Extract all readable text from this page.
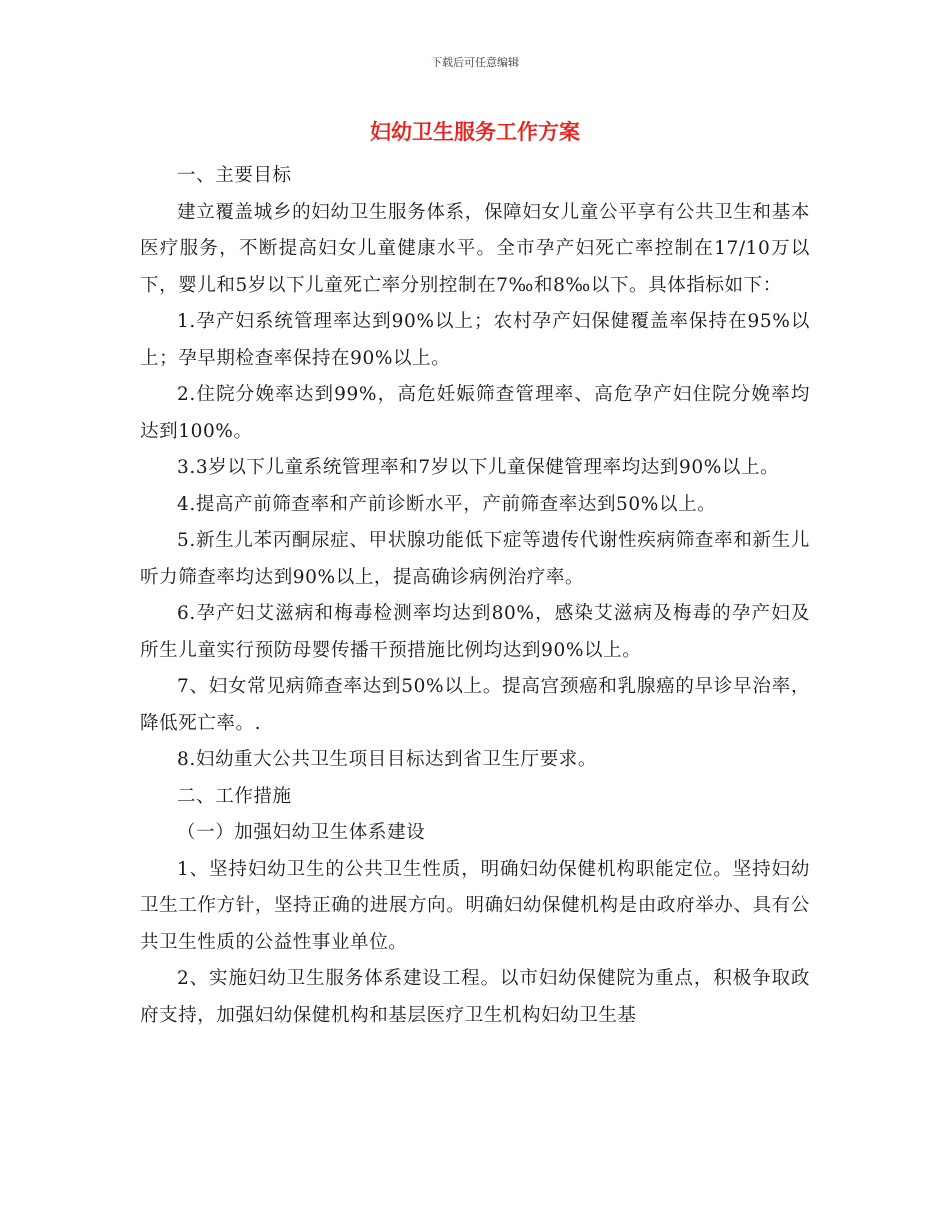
下载后可任意编辑
妇幼卫生服务工作方案

一、主要目标

建立覆盖城乡的妇幼卫生服务体系，保障妇女儿童公平享有公共卫生和基本医疗服务，不断提高妇女儿童健康水平。全市孕产妇死亡率控制在17/10万以下，婴儿和5岁以下儿童死亡率分别控制在7‰和8‰以下。具体指标如下：

1.孕产妇系统管理率达到90%以上；农村孕产妇保健覆盖率保持在95%以上；孕早期检查率保持在90%以上。

2.住院分娩率达到99%，高危妊娠筛查管理率、高危孕产妇住院分娩率均达到100%。

3.3岁以下儿童系统管理率和7岁以下儿童保健管理率均达到90%以上。

4.提高产前筛查率和产前诊断水平，产前筛查率达到50%以上。

5.新生儿苯丙酮尿症、甲状腺功能低下症等遗传代谢性疾病筛查率和新生儿听力筛查率均达到90%以上，提高确诊病例治疗率。

6.孕产妇艾滋病和梅毒检测率均达到80%，感染艾滋病及梅毒的孕产妇及所生儿童实行预防母婴传播干预措施比例均达到90%以上。

7、妇女常见病筛查率达到50%以上。提高宫颈癌和乳腺癌的早诊早治率，降低死亡率。.

8.妇幼重大公共卫生项目目标达到省卫生厅要求。

二、工作措施

（一）加强妇幼卫生体系建设

1、坚持妇幼卫生的公共卫生性质，明确妇幼保健机构职能定位。坚持妇幼卫生工作方针，坚持正确的进展方向。明确妇幼保健机构是由政府举办、具有公共卫生性质的公益性事业单位。

2、实施妇幼卫生服务体系建设工程。以市妇幼保健院为重点，积极争取政府支持，加强妇幼保健机构和基层医疗卫生机构妇幼卫生基
